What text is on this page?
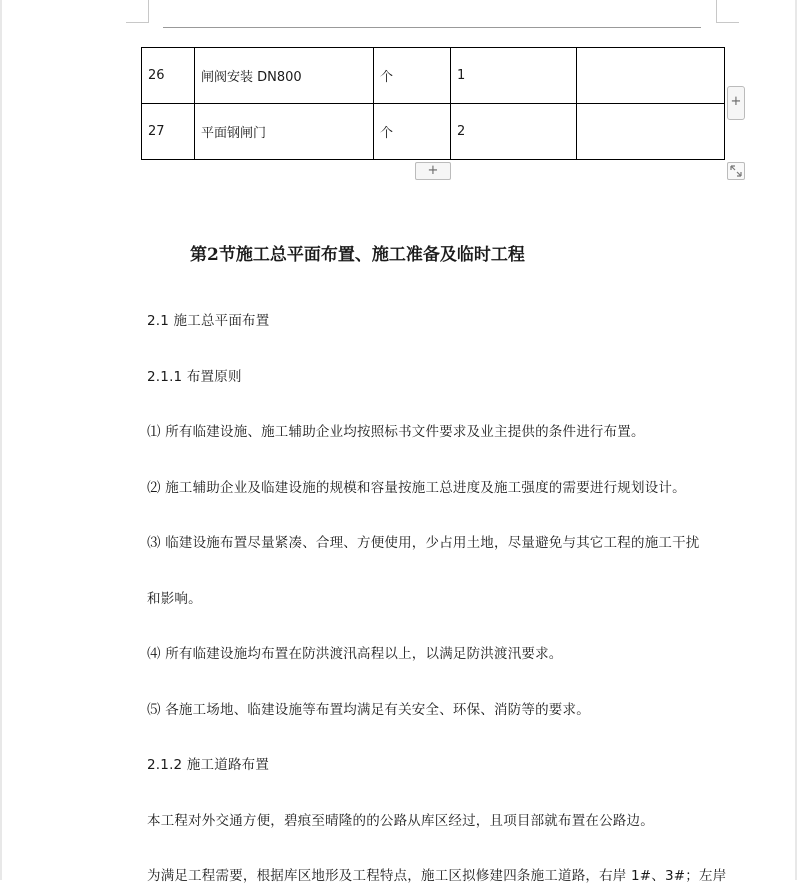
26	闸阀安装 DN800	个	1	
27	平面钢闸门	个	2	
+
+
第2节施工总平面布置、施工准备及临时工程
2.1 施工总平面布置
2.1.1 布置原则
⑴ 所有临建设施、施工辅助企业均按照标书文件要求及业主提供的条件进行布置。
⑵ 施工辅助企业及临建设施的规模和容量按施工总进度及施工强度的需要进行规划设计。
⑶ 临建设施布置尽量紧凑、合理、方便使用，少占用土地，尽量避免与其它工程的施工干扰
和影响。
⑷ 所有临建设施均布置在防洪渡汛高程以上，以满足防洪渡汛要求。
⑸ 各施工场地、临建设施等布置均满足有关安全、环保、消防等的要求。
2.1.2 施工道路布置
本工程对外交通方便，碧痕至晴隆的的公路从库区经过，且项目部就布置在公路边。
为满足工程需要，根据库区地形及工程特点，施工区拟修建四条施工道路，右岸 1#、3#；左岸
